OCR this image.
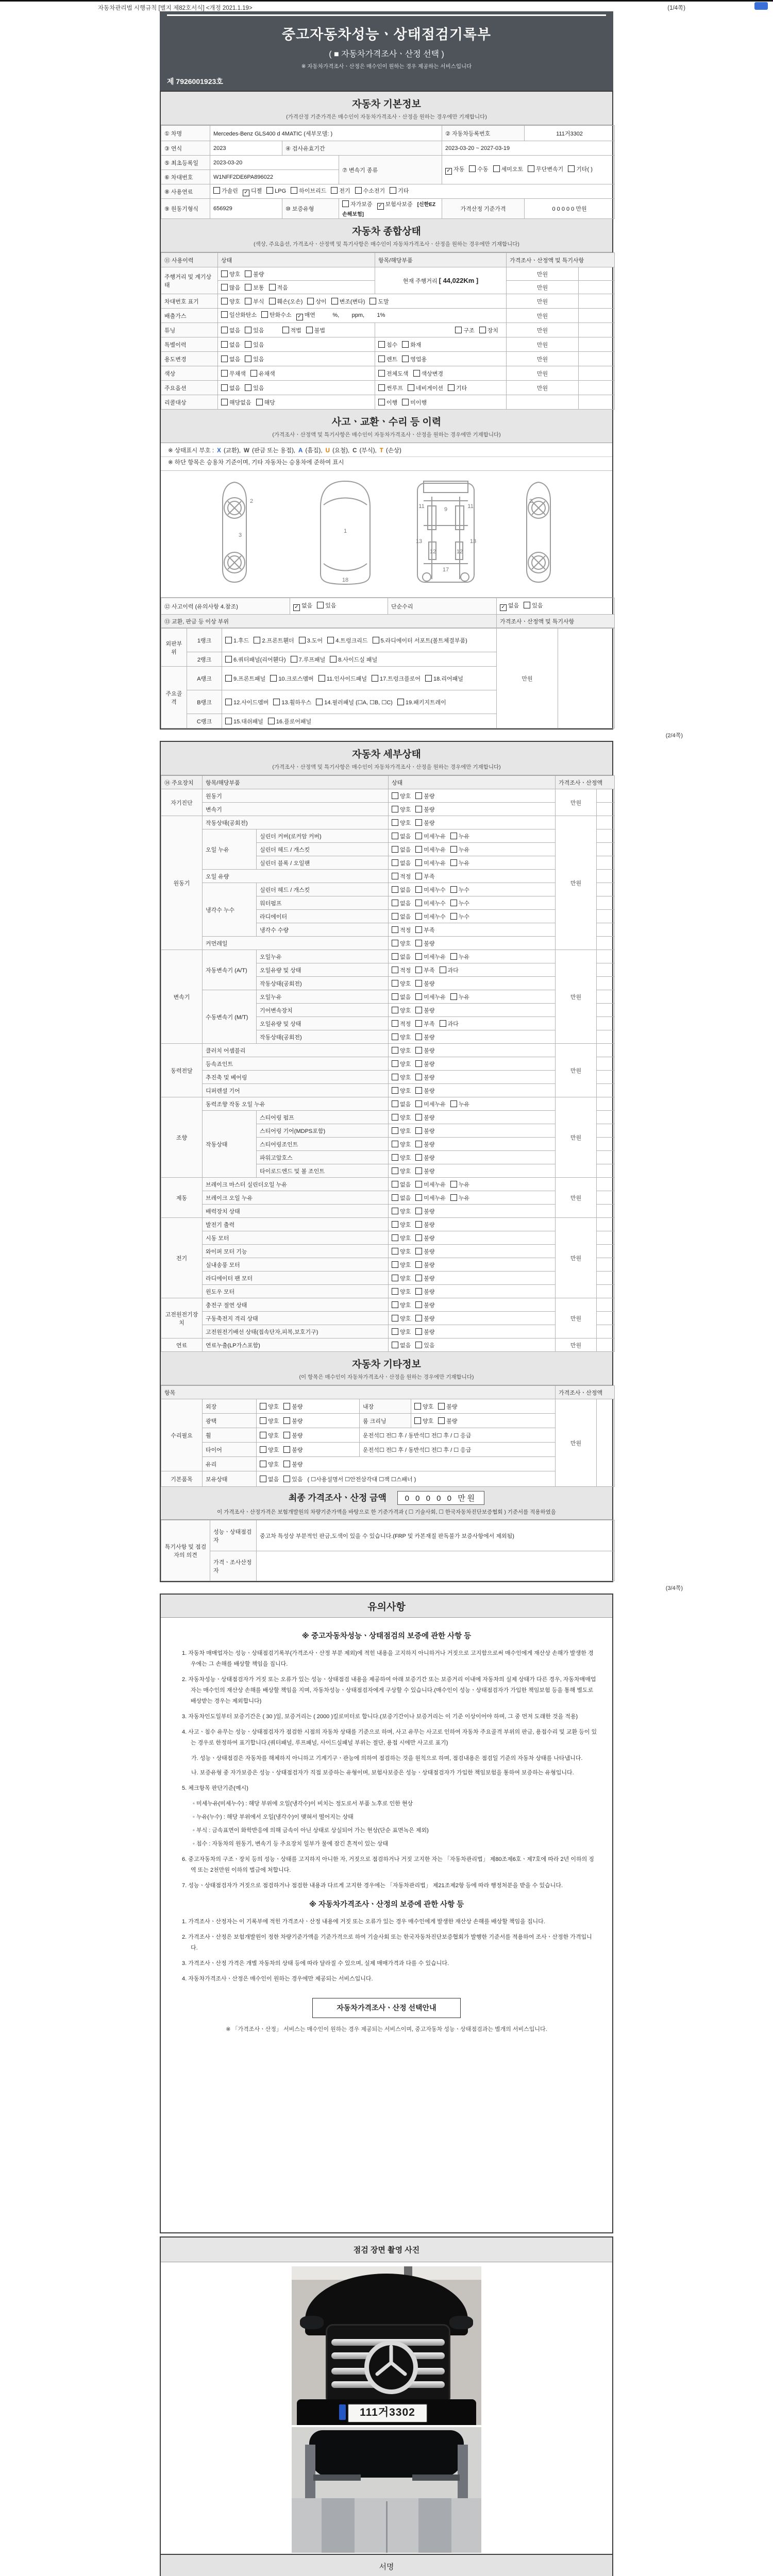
(1/4쪽)
자동차관리법 시행규칙 [별지 제82호서식] <개정 2021.1.19>
중고자동차성능ㆍ상태점검기록부
( ■ 자동차가격조사ㆍ산정 선택 )
※ 자동차가격조사ㆍ산정은 매수인이 원하는 경우 제공하는 서비스입니다
제 7926001923호
자동차 기본정보
(가격산정 기준가격은 매수인이 자동차가격조사ㆍ산정을 원하는 경우에만 기재합니다)
① 차명	Mercedes-Benz GLS400 d 4MATIC (세부모델: )			② 자동차등록번호	111거3302
③ 연식	2023	④ 검사유효기간		2023-03-20 ~ 2027-03-19	
⑤ 최초등록일	2023-03-20		⑦ 변속기 종류	✓ 자동 수동 세미오토 무단변속기 기타( )	
⑥ 차대번호	W1NFF2DE6PA896022				
⑧ 사용연료	가솔린 ✓ 디젤 LPG 하이브리드 전기 수소전기 기타				
⑨ 원동기형식	656929	⑩ 보증유형	자가보증 ✓ 보험사보증 [신한EZ손해보험]	가격산정 기준가격	0 0 0 0 0 만원
자동차 종합상태
(색상, 주요옵션, 가격조사ㆍ산정액 및 특기사항은 매수인이 자동차가격조사ㆍ산정을 원하는 경우에만 기재합니다)
⑪ 사용이력	상태	항목/해당부품	가격조사ㆍ산정액 및 특기사항	
주행거리 및 계기상태	양호 불량	현재 주행거리 [ 44,022Km ]	만원	
	많음 보통 적음		만원	
차대번호 표기	양호 부식 훼손(오손) 상이 변조(변타) 도말		만원	
배출가스	일산화탄소 탄화수소 ✓ 매연        %,        ppm,        1%		만원	
튜닝	없음 있음 적법 불법	구조 장치	만원	
특별이력	없음 있음	침수 화재	만원	
용도변경	없음 있음	렌트 영업용	만원	
색상	무채색 유채색	전체도색 색상변경	만원	
주요옵션	없음 있음	썬루프 네비게이션 기타	만원	
리콜대상	해당없음 해당	이행 미이행		
사고ㆍ교환ㆍ수리 등 이력
(가격조사ㆍ산정액 및 특기사항은 매수인이 자동차가격조사ㆍ산정을 원하는 경우에만 기재합니다)
※ 상태표시 부호 : X (교환), W (판금 또는 용접), A (흠집), U (요철), C (부식), T (손상)
※ 하단 항목은 승용차 기준이며, 기타 자동차는 승용차에 준하여 표시
2
3
1
18
9
11	11
13	13
12	12
17
2
⑫ 사고이력 (유의사항 4.참조)	✓ 없음 있음	단순수리	✓ 없음 있음
⑬ 교환, 판금 등 이상 부위			가격조사ㆍ산정액 및 특기사항
외판부위	1랭크	1.후드 2.프론트휀더 3.도어 4.트렁크리드 5.라디에이터 서포트(볼트체결부품)	만원	
	2랭크	6.쿼터패널(리어휀다) 7.루프패널 8.사이드실 패널		
주요골격	A랭크	9.프론트패널 10.크로스멤버 11.인사이드패널 17.트렁크플로어 18.리어패널		
	B랭크	12.사이드멤버 13.휠하우스 14.필러패널 (☐A, ☐B, ☐C) 19.패키지트레이		
	C랭크	15.대쉬패널 16.플로어패널		
(2/4쪽)
자동차 세부상태
(가격조사ㆍ산정액 및 특기사항은 매수인이 자동차가격조사ㆍ산정을 원하는 경우에만 기재합니다)
⑭ 주요장치	항목/해당부품		상태	가격조사ㆍ산정액	
자기진단	원동기		양호 불량	만원	
	변속기		양호 불량		
원동기	작동상태(공회전)		양호 불량	만원	
	오일 누유	실린더 커버(로커암 커버)	없음 미세누유 누유		
		실린더 헤드 / 개스킷	없음 미세누유 누유		
		실린더 블록 / 오일팬	없음 미세누유 누유		
	오일 유량		적정 부족		
	냉각수 누수	실린더 헤드 / 개스킷	없음 미세누수 누수		
		워터펌프	없음 미세누수 누수		
		라디에이터	없음 미세누수 누수		
		냉각수 수량	적정 부족		
	커먼레일		양호 불량		
변속기	자동변속기 (A/T)	오일누유	없음 미세누유 누유	만원	
		오일유량 및 상태	적정 부족 과다		
		작동상태(공회전)	양호 불량		
	수동변속기 (M/T)	오일누유	없음 미세누유 누유		
		기어변속장치	양호 불량		
		오일유량 및 상태	적정 부족 과다		
		작동상태(공회전)	양호 불량		
동력전달	클러치 어셈블리		양호 불량	만원	
	등속죠인트		양호 불량		
	추진축 및 베어링		양호 불량		
	디퍼렌셜 기어		양호 불량		
조향	동력조향 작동 오일 누유		없음 미세누유 누유	만원	
	작동상태	스티어링 펌프	양호 불량		
		스티어링 기어(MDPS포함)	양호 불량		
		스티어링조인트	양호 불량		
		파워고압호스	양호 불량		
		타이로드엔드 및 볼 조인트	양호 불량		
제동	브레이크 마스터 실린더오일 누유		없음 미세누유 누유	만원	
	브레이크 오일 누유		없음 미세누유 누유		
	배력장치 상태		양호 불량		
전기	발전기 출력		양호 불량	만원	
	시동 모터		양호 불량		
	와이퍼 모터 기능		양호 불량		
	실내송풍 모터		양호 불량		
	라디에이터 팬 모터		양호 불량		
	윈도우 모터		양호 불량		
고전원전기장치	충전구 절연 상태		양호 불량	만원	
	구동축전지 격리 상태		양호 불량		
	고전원전기배선 상태(접속단자,피복,보호기구)		양호 불량		
연료	연료누출(LP가스포함)		없음 있음	만원	
자동차 기타정보
(이 항목은 매수인이 자동차가격조사ㆍ산정을 원하는 경우에만 기재합니다)
항목					가격조사ㆍ산정액	
수리필요	외장	양호 불량	내장	양호 불량	만원	
	광택	양호 불량	룸 크리닝	양호 불량		
	휠	양호 불량	운전석☐ 전☐ 후 / 동반석☐ 전☐ 후 / ☐ 응급			
	타이어	양호 불량	운전석☐ 전☐ 후 / 동반석☐ 전☐ 후 / ☐ 응급			
	유리	양호 불량				
기본품목	보유상태	없음 있음 ( ☐사용설명서 ☐안전삼각대 ☐잭 ☐스패너 )				
최종 가격조사ㆍ산정 금액 0 0 0 0 0 만원
이 가격조사ㆍ산정가격은 보험개발원의 차량기준가액을 바탕으로 한 기준가격과 ( ☐ 기술사회, ☐ 한국자동차진단보증협회 ) 기준서를 적용하였음
특기사항 및 점검자의 의견	성능ㆍ상태점검자	중고차 특성상 부분적인 판금,도색이 있을 수 있습니다.(FRP 및 카본재질 판독불가 보증사항에서 제외됨)
	가격ㆍ조사산정자	
(3/4쪽)
유의사항
※ 중고자동차성능ㆍ상태점검의 보증에 관한 사항 등
1. 자동차 매매업자는 성능ㆍ상태점검기록부(가격조사ㆍ산정 부분 제외)에 적힌 내용을 고지하지 아니하거나 거짓으로 고지함으로써 매수인에게 재산상 손해가 발생한 경우에는 그 손해를 배상할 책임을 집니다.
2. 자동차성능ㆍ상태점검자가 거짓 또는 오류가 있는 성능ㆍ상태점검 내용을 제공하여 아래 보증기간 또는 보증거리 이내에 자동차의 실제 상태가 다른 경우, 자동차매매업자는 매수인의 재산상 손해를 배상할 책임을 지며, 자동차성능ㆍ상태점검자에게 구상할 수 있습니다.(매수인이 성능ㆍ상태점검자가 가입한 책임보험 등을 통해 별도로 배상받는 경우는 제외합니다)
3. 자동차인도일부터 보증기간은 ( 30 )일, 보증거리는 ( 2000 )킬로미터로 합니다.(보증기간이나 보증거리는 이 기준 이상이어야 하며, 그 중 먼저 도래한 것을 적용)
4. 사고ㆍ침수 유무는 성능ㆍ상태점검자가 점검한 시점의 자동차 상태를 기준으로 하며, 사고 유무는 사고로 인하여 자동차 주요골격 부위의 판금, 용접수리 및 교환 등이 있는 경우로 한정하여 표기합니다.(쿼터패널, 루프패널, 사이드실패널 부위는 절단, 용접 시에만 사고로 표기)
가. 성능ㆍ상태점검은 자동차를 해체하지 아니하고 기계기구ㆍ관능에 의하여 점검하는 것을 원칙으로 하며, 점검내용은 점검일 기준의 자동차 상태를 나타냅니다.
나. 보증유형 중 자가보증은 성능ㆍ상태점검자가 직접 보증하는 유형이며, 보험사보증은 성능ㆍ상태점검자가 가입한 책임보험을 통하여 보증하는 유형입니다.
5. 체크항목 판단기준(예시)
◦ 미세누유(미세누수) : 해당 부위에 오일(냉각수)이 비치는 정도로서 부품 노후로 인한 현상
◦ 누유(누수) : 해당 부위에서 오일(냉각수)이 맺혀서 떨어지는 상태
◦ 부식 : 금속표면이 화학반응에 의해 금속이 아닌 상태로 상실되어 가는 현상(단순 표면녹은 제외)
◦ 침수 : 자동차의 원동기, 변속기 등 주요장치 일부가 물에 잠긴 흔적이 있는 상태
6. 중고자동차의 구조ㆍ장치 등의 성능ㆍ상태를 고지하지 아니한 자, 거짓으로 점검하거나 거짓 고지한 자는 「자동차관리법」 제80조제6호ㆍ제7호에 따라 2년 이하의 징역 또는 2천만원 이하의 벌금에 처합니다.
7. 성능ㆍ상태점검자가 거짓으로 점검하거나 점검한 내용과 다르게 고지한 경우에는 「자동차관리법」 제21조제2항 등에 따라 행정처분을 받을 수 있습니다.
※ 자동차가격조사ㆍ산정의 보증에 관한 사항 등
1. 가격조사ㆍ산정자는 이 기록부에 적힌 가격조사ㆍ산정 내용에 거짓 또는 오류가 있는 경우 매수인에게 발생한 재산상 손해를 배상할 책임을 집니다.
2. 가격조사ㆍ산정은 보험개발원이 정한 차량기준가액을 기준가격으로 하여 기술사회 또는 한국자동차진단보증협회가 발행한 기준서를 적용하여 조사ㆍ산정한 가격입니다.
3. 가격조사ㆍ산정 가격은 개별 자동차의 상태 등에 따라 달라질 수 있으며, 실제 매매가격과 다를 수 있습니다.
4. 자동차가격조사ㆍ산정은 매수인이 원하는 경우에만 제공되는 서비스입니다.
자동차가격조사ㆍ산정 선택안내
※ 「가격조사ㆍ산정」 서비스는 매수인이 원하는 경우 제공되는 서비스이며, 중고자동차 성능ㆍ상태점검과는 별개의 서비스입니다.
점검 장면 촬영 사진
111거3302
서명
